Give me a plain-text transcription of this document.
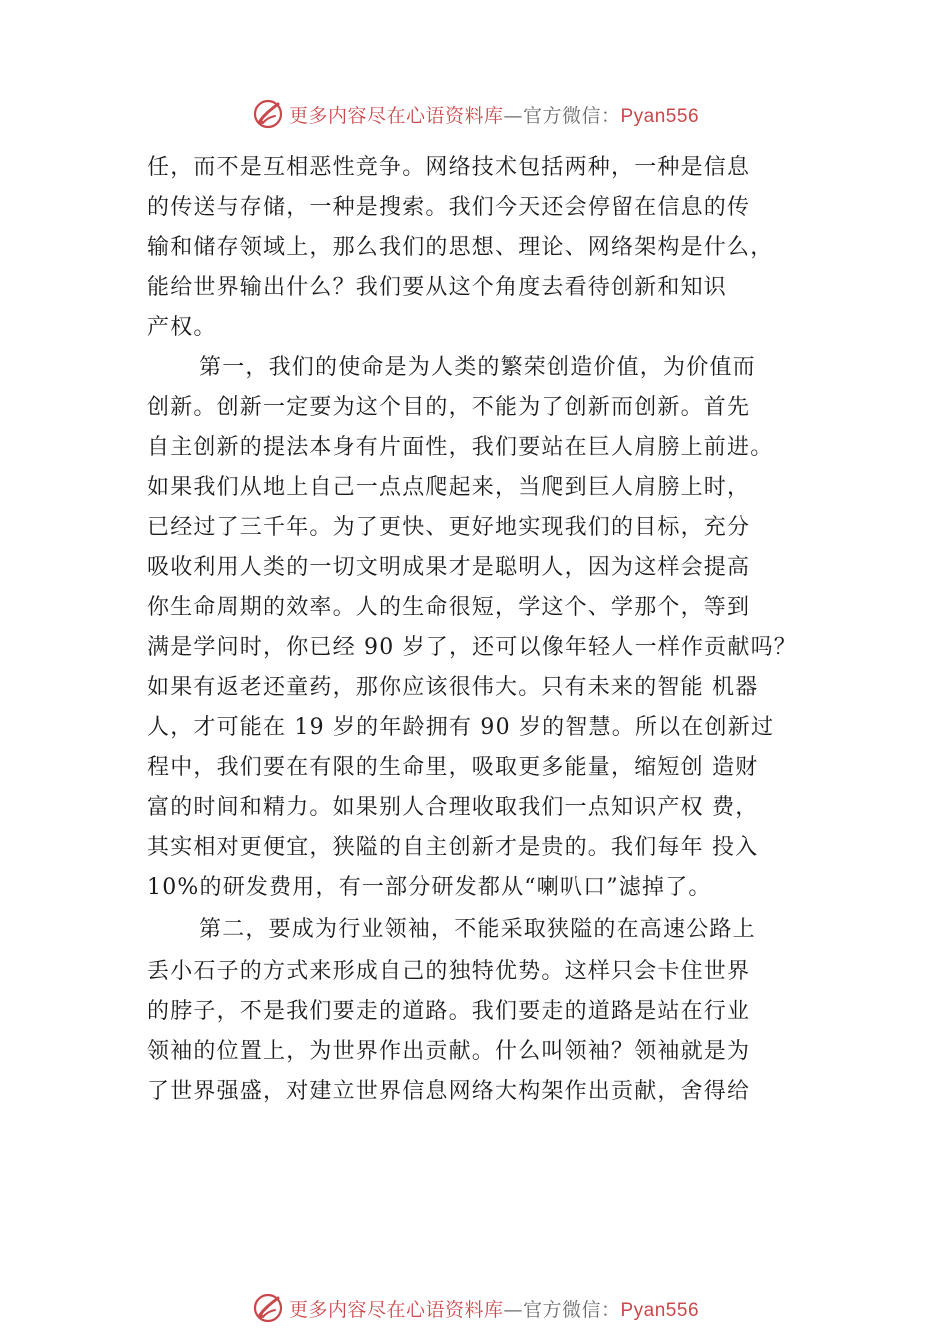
更多内容尽在心语资料库—官方微信：Pyan556
任，而不是互相恶性竞争。网络技术包括两种，一种是信息
的传送与存储，一种是搜索。我们今天还会停留在信息的传
输和储存领域上，那么我们的思想、理论、网络架构是什么，
能给世界输出什么？我们要从这个角度去看待创新和知识
产权。
第一，我们的使命是为人类的繁荣创造价值，为价值而
创新。创新一定要为这个目的，不能为了创新而创新。首先
自主创新的提法本身有片面性，我们要站在巨人肩膀上前进。
如果我们从地上自己一点点爬起来，当爬到巨人肩膀上时，
已经过了三千年。为了更快、更好地实现我们的目标，充分
吸收利用人类的一切文明成果才是聪明人，因为这样会提高
你生命周期的效率。人的生命很短，学这个、学那个，等到
满是学问时，你已经 90 岁了，还可以像年轻人一样作贡献吗？
如果有返老还童药，那你应该很伟大。只有未来的智能 机器
人，才可能在 19 岁的年龄拥有 90 岁的智慧。所以在创新过
程中，我们要在有限的生命里，吸取更多能量，缩短创 造财
富的时间和精力。如果别人合理收取我们一点知识产权 费，
其实相对更便宜，狭隘的自主创新才是贵的。我们每年 投入
10%的研发费用，有一部分研发都从“喇叭口”滤掉了。
第二，要成为行业领袖，不能采取狭隘的在高速公路上
丢小石子的方式来形成自己的独特优势。这样只会卡住世界
的脖子，不是我们要走的道路。我们要走的道路是站在行业
领袖的位置上，为世界作出贡献。什么叫领袖？领袖就是为
了世界强盛，对建立世界信息网络大构架作出贡献，舍得给
更多内容尽在心语资料库—官方微信：Pyan556
